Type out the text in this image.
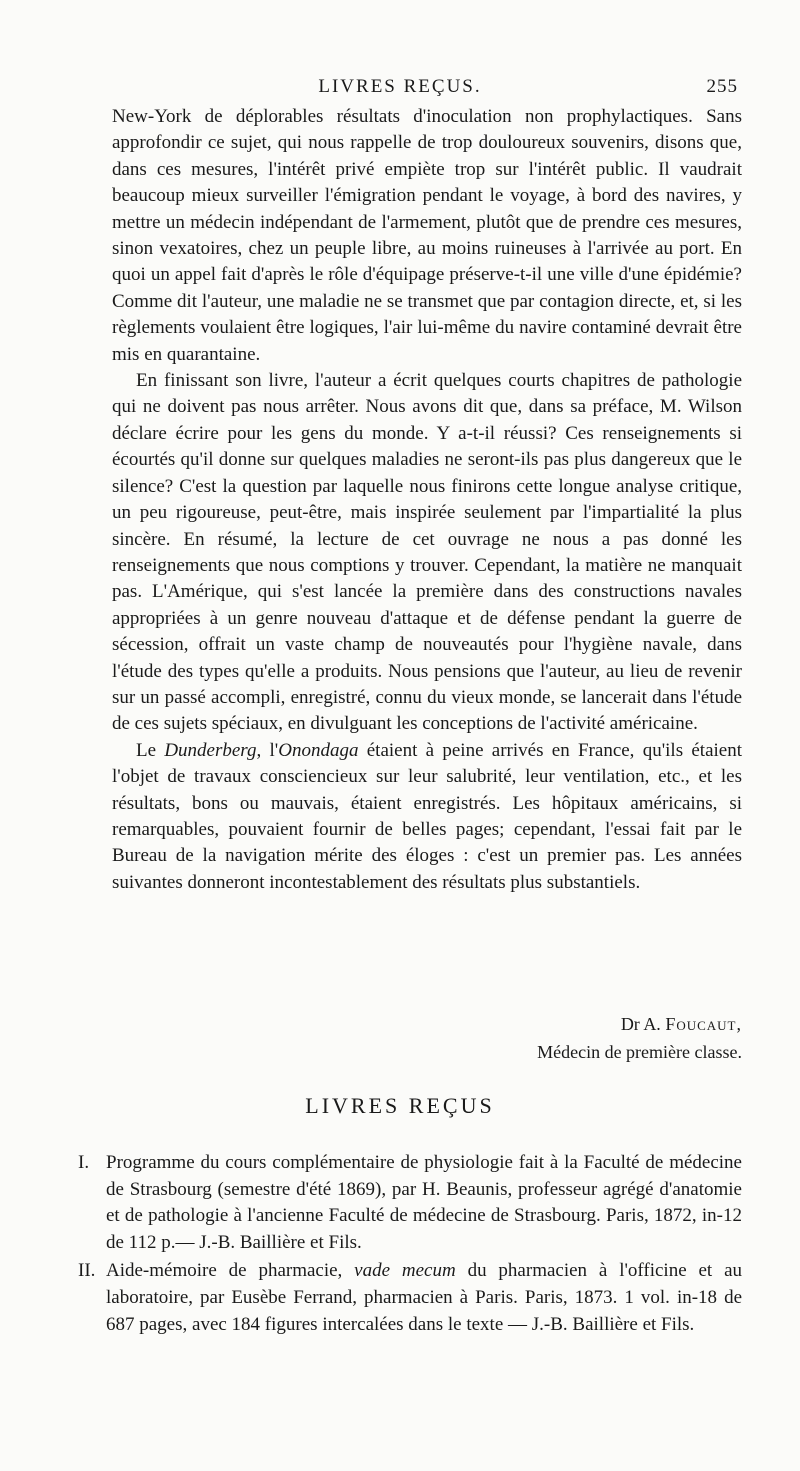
LIVRES REÇUS.	255

New-York de déplorables résultats d'inoculation non prophylactiques. Sans approfondir ce sujet, qui nous rappelle de trop douloureux souvenirs, disons que, dans ces mesures, l'intérêt privé empiète trop sur l'intérêt public. Il vaudrait beaucoup mieux surveiller l'émigration pendant le voyage, à bord des navires, y mettre un médecin indépendant de l'armement, plutôt que de prendre ces mesures, sinon vexatoires, chez un peuple libre, au moins ruineuses à l'arrivée au port. En quoi un appel fait d'après le rôle d'équipage préserve-t-il une ville d'une épidémie? Comme dit l'auteur, une maladie ne se transmet que par contagion directe, et, si les règlements voulaient être logiques, l'air lui-même du navire contaminé devrait être mis en quarantaine.

En finissant son livre, l'auteur a écrit quelques courts chapitres de pathologie qui ne doivent pas nous arrêter. Nous avons dit que, dans sa préface, M. Wilson déclare écrire pour les gens du monde. Y a-t-il réussi? Ces renseignements si écourtés qu'il donne sur quelques maladies ne seront-ils pas plus dangereux que le silence? C'est la question par laquelle nous finirons cette longue analyse critique, un peu rigoureuse, peut-être, mais inspirée seulement par l'impartialité la plus sincère. En résumé, la lecture de cet ouvrage ne nous a pas donné les renseignements que nous comptions y trouver. Cependant, la matière ne manquait pas. L'Amérique, qui s'est lancée la première dans des constructions navales appropriées à un genre nouveau d'attaque et de défense pendant la guerre de sécession, offrait un vaste champ de nouveautés pour l'hygiène navale, dans l'étude des types qu'elle a produits. Nous pensions que l'auteur, au lieu de revenir sur un passé accompli, enregistré, connu du vieux monde, se lancerait dans l'étude de ces sujets spéciaux, en divulguant les conceptions de l'activité américaine.

Le Dunderberg, l'Onondaga étaient à peine arrivés en France, qu'ils étaient l'objet de travaux consciencieux sur leur salubrité, leur ventilation, etc., et les résultats, bons ou mauvais, étaient enregistrés. Les hôpitaux américains, si remarquables, pouvaient fournir de belles pages; cependant, l'essai fait par le Bureau de la navigation mérite des éloges : c'est un premier pas. Les années suivantes donneront incontestablement des résultats plus substantiels.

Dr A. Foucaut,
Médecin de première classe.
LIVRES REÇUS
I. Programme du cours complémentaire de physiologie fait à la Faculté de médecine de Strasbourg (semestre d'été 1869), par H. Beaunis, professeur agrégé d'anatomie et de pathologie à l'ancienne Faculté de médecine de Strasbourg. Paris, 1872, in-12 de 112 p.— J.-B. Baillière et Fils.
II. Aide-mémoire de pharmacie, vade mecum du pharmacien à l'officine et au laboratoire, par Eusèbe Ferrand, pharmacien à Paris. Paris, 1873. 1 vol. in-18 de 687 pages, avec 184 figures intercalées dans le texte — J.-B. Baillière et Fils.
